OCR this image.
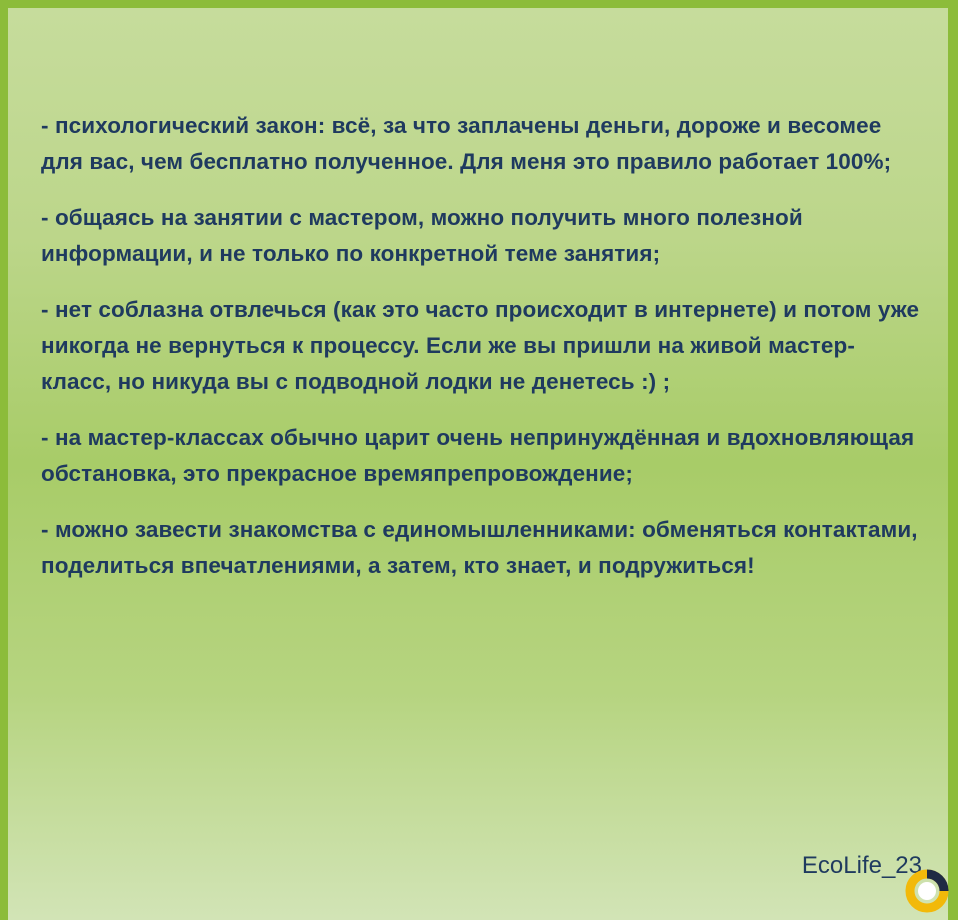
- психологический закон: всё, за что заплачены деньги, дороже и весомее для вас, чем бесплатно полученное. Для меня это правило работает 100%;

- общаясь на занятии с мастером, можно получить много полезной информации, и не только по конкретной теме занятия;

- нет соблазна отвлечься (как это часто происходит в интернете) и потом уже никогда не вернуться к процессу. Если же вы пришли на живой мастер-класс, но никуда вы с подводной лодки не денетесь :) ;

- на мастер-классах обычно царит очень непринуждённая и вдохновляющая обстановка, это прекрасное времяпрепровождение;

- можно завести знакомства с единомышленниками: обменяться контактами, поделиться впечатлениями, а затем, кто знает, и подружиться!

EcoLife_23
